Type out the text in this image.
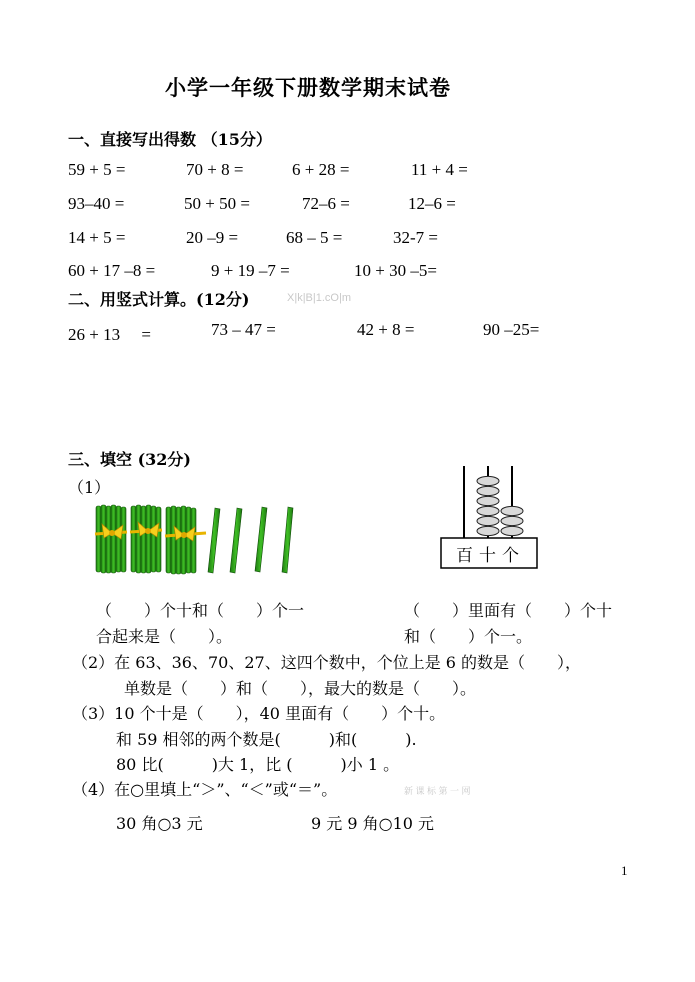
小学一年级下册数学期末试卷
一、直接写出得数 （15分）
59 + 5 =	70 + 8 =	6 + 28 =	11 + 4 =
93–40 =	50 + 50 =	72–6 =	12–6 =
14 + 5 =	20 –9 =	68 – 5 =	32-7 =
60 + 17 –8 =	9 + 19 –7 =	10 + 30 –5=
二、用竖式计算。(12分)	X|k|B|1.cO|m
26 + 13　 =	73 – 47 =	42 + 8 =	90 –25=
三、填空 (32分)
（1）
百十个
（　　）个十和（　　）个一
合起来是（　　）。
（　　）里面有（　　）个十
和（　　）个一。
（2）在 63、36、70、27、这四个数中，个位上是 6 的数是（　　），
单数是（　　）和（　　），最大的数是（　　）。
（3）10 个十是（　　），40 里面有（　　）个十。
和 59 相邻的两个数是(　　　)和(　　　).
80 比(　　　)大 1，比 (　　　)小 1 。
（4）在○里填上“＞”、“＜”或“＝”。	新 课 标 第 一 网
30 角○3 元	9 元 9 角○10 元
1
